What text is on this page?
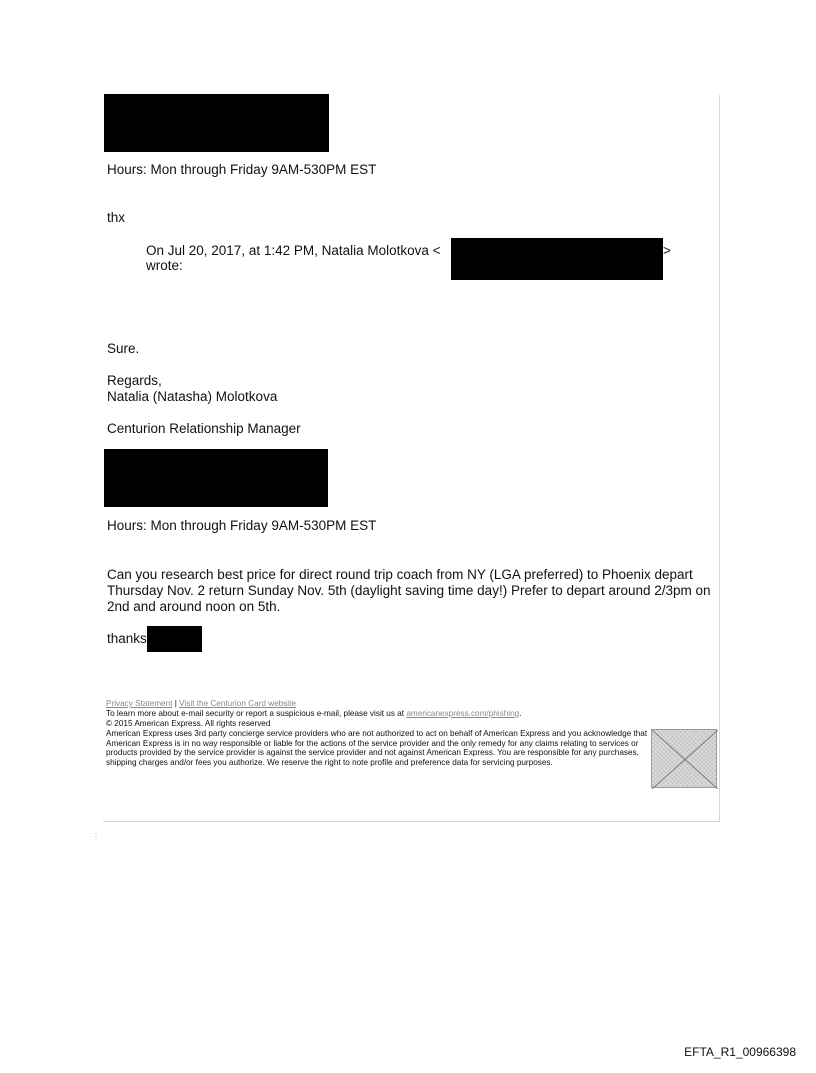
Hours: Mon through Friday 9AM-530PM EST
thx
On Jul 20, 2017, at 1:42 PM, Natalia Molotkova <	>
wrote:
Sure.
Regards,
Natalia (Natasha) Molotkova
Centurion Relationship Manager
Hours: Mon through Friday 9AM-530PM EST
Can you research best price for direct round trip coach from NY (LGA preferred) to Phoenix depart Thursday Nov. 2 return Sunday Nov. 5th (daylight saving time day!) Prefer to depart around 2/3pm on 2nd and around noon on 5th.
thanks
Privacy Statement | Visit the Centurion Card website
To learn more about e-mail security or report a suspicious e-mail, please visit us at americanexpress.com/phishing.
© 2015 American Express. All rights reserved
American Express uses 3rd party concierge service providers who are not authorized to act on behalf of American Express and you acknowledge that American Express is in no way responsible or liable for the actions of the service provider and the only remedy for any claims relating to services or products provided by the service provider is against the service provider and not against American Express. You are responsible for any purchases, shipping charges and/or fees you authorize. We reserve the right to note profile and preference data for servicing purposes.
:
EFTA_R1_00966398
